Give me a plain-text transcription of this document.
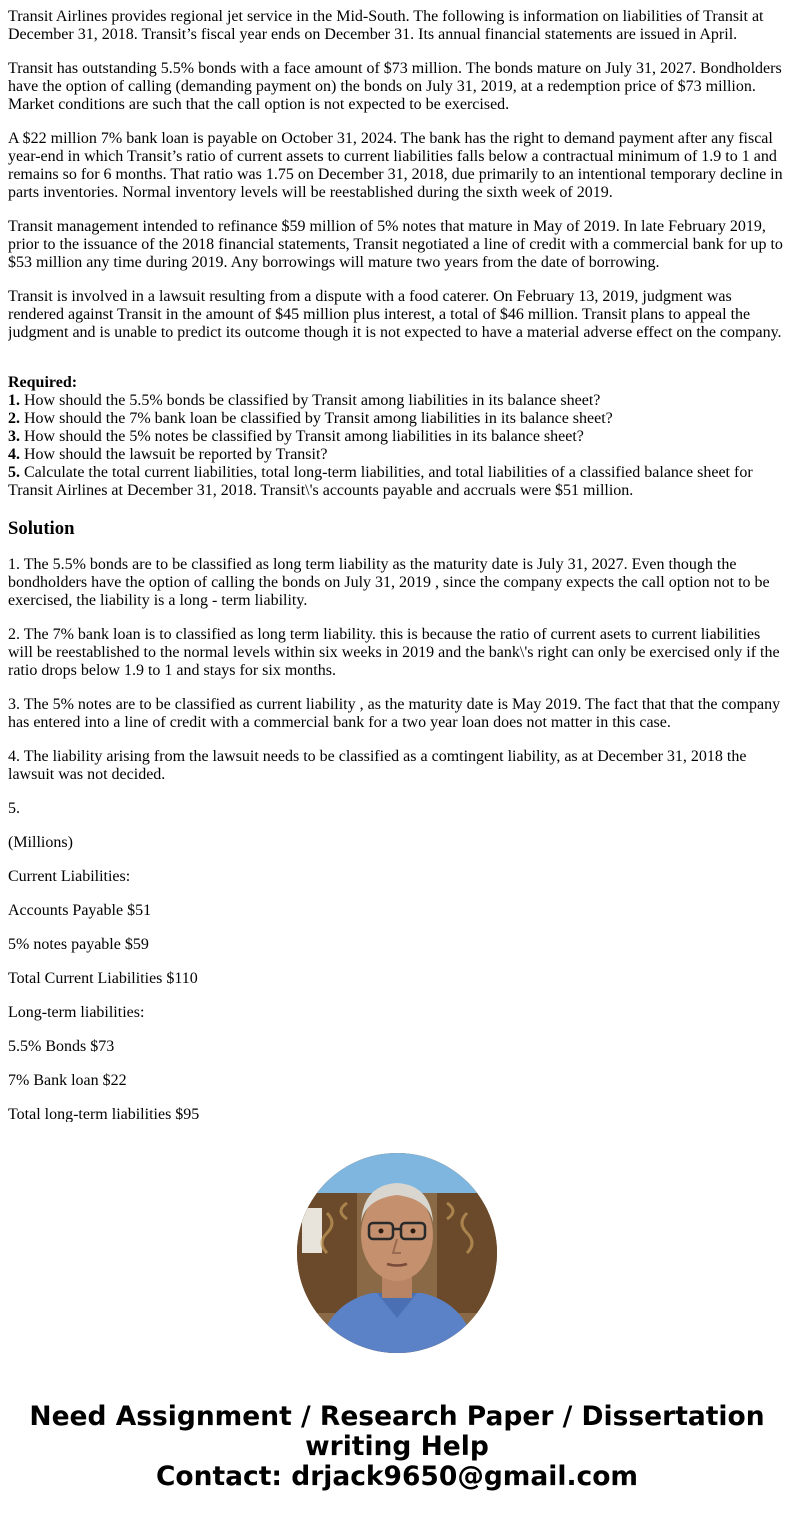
Transit Airlines provides regional jet service in the Mid-South. The following is information on liabilities of Transit at December 31, 2018. Transit’s fiscal year ends on December 31. Its annual financial statements are issued in April.

Transit has outstanding 5.5% bonds with a face amount of $73 million. The bonds mature on July 31, 2027. Bondholders have the option of calling (demanding payment on) the bonds on July 31, 2019, at a redemption price of $73 million. Market conditions are such that the call option is not expected to be exercised.

A $22 million 7% bank loan is payable on October 31, 2024. The bank has the right to demand payment after any fiscal year-end in which Transit’s ratio of current assets to current liabilities falls below a contractual minimum of 1.9 to 1 and remains so for 6 months. That ratio was 1.75 on December 31, 2018, due primarily to an intentional temporary decline in parts inventories. Normal inventory levels will be reestablished during the sixth week of 2019.

Transit management intended to refinance $59 million of 5% notes that mature in May of 2019. In late February 2019, prior to the issuance of the 2018 financial statements, Transit negotiated a line of credit with a commercial bank for up to $53 million any time during 2019. Any borrowings will mature two years from the date of borrowing.

Transit is involved in a lawsuit resulting from a dispute with a food caterer. On February 13, 2019, judgment was rendered against Transit in the amount of $45 million plus interest, a total of $46 million. Transit plans to appeal the judgment and is unable to predict its outcome though it is not expected to have a material adverse effect on the company.

Required:
1. How should the 5.5% bonds be classified by Transit among liabilities in its balance sheet?
2. How should the 7% bank loan be classified by Transit among liabilities in its balance sheet?
3. How should the 5% notes be classified by Transit among liabilities in its balance sheet?
4. How should the lawsuit be reported by Transit?
5. Calculate the total current liabilities, total long-term liabilities, and total liabilities of a classified balance sheet for Transit Airlines at December 31, 2018. Transit\'s accounts payable and accruals were $51 million.
Solution

1. The 5.5% bonds are to be classified as long term liability as the maturity date is July 31, 2027. Even though the bondholders have the option of calling the bonds on July 31, 2019 , since the company expects the call option not to be exercised, the liability is a long - term liability.

2. The 7% bank loan is to classified as long term liability. this is because the ratio of current asets to current liabilities will be reestablished to the normal levels within six weeks in 2019 and the bank\'s right can only be exercised only if the ratio drops below 1.9 to 1 and stays for six months.

3. The 5% notes are to be classified as current liability , as the maturity date is May 2019. The fact that that the company has entered into a line of credit with a commercial bank for a two year loan does not matter in this case.

4. The liability arising from the lawsuit needs to be classified as a comtingent liability, as at December 31, 2018 the lawsuit was not decided.

5.

(Millions)

Current Liabilities:

Accounts Payable $51

5% notes payable $59

Total Current Liabilities $110

Long-term liabilities:

5.5% Bonds $73

7% Bank loan $22

Total long-term liabilities $95

Need Assignment / Research Paper / Dissertation
writing Help
Contact: drjack9650@gmail.com
